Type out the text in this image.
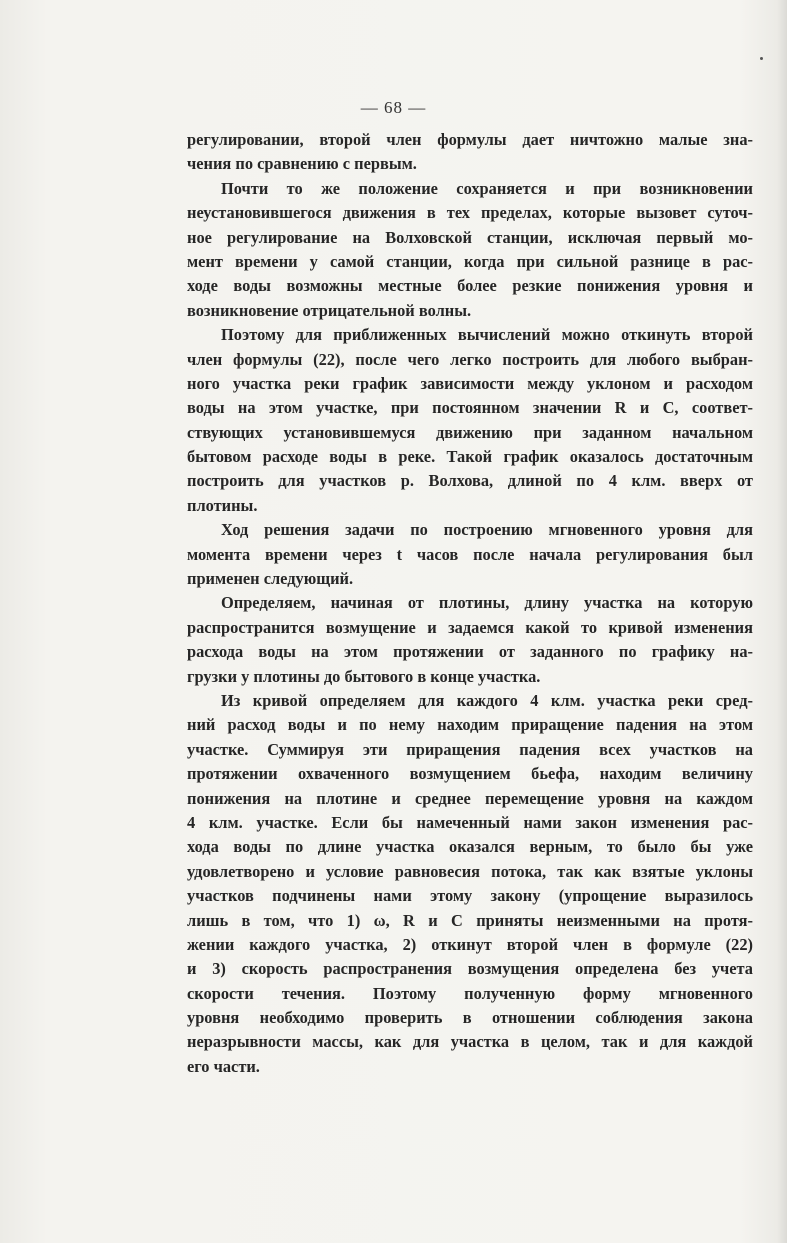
— 68 —
регулировании, второй член формулы дает ничтожно малые зна-
чения по сравнению с первым.
Почти то же положение сохраняется и при возникновении
неустановившегося движения в тех пределах, которые вызовет суточ-
ное регулирование на Волховской станции, исключая первый мо-
мент времени у самой станции, когда при сильной разнице в рас-
ходе воды возможны местные более резкие понижения уровня и
возникновение отрицательной волны.
Поэтому для приближенных вычислений можно откинуть второй
член формулы (22), после чего легко построить для любого выбран-
ного участка реки график зависимости между уклоном и расходом
воды на этом участке, при постоянном значении R и C, соответ-
ствующих установившемуся движению при заданном начальном
бытовом расходе воды в реке. Такой график оказалось достаточным
построить для участков р. Волхова, длиной по 4 клм. вверх от
плотины.
Ход решения задачи по построению мгновенного уровня для
момента времени через t часов после начала регулирования был
применен следующий.
Определяем, начиная от плотины, длину участка на которую
распространится возмущение и задаемся какой то кривой изменения
расхода воды на этом протяжении от заданного по графику на-
грузки у плотины до бытового в конце участка.
Из кривой определяем для каждого 4 клм. участка реки сред-
ний расход воды и по нему находим приращение падения на этом
участке. Суммируя эти приращения падения всех участков на
протяжении охваченного возмущением бьефа, находим величину
понижения на плотине и среднее перемещение уровня на каждом
4 клм. участке. Если бы намеченный нами закон изменения рас-
хода воды по длине участка оказался верным, то было бы уже
удовлетворено и условие равновесия потока, так как взятые уклоны
участков подчинены нами этому закону (упрощение выразилось
лишь в том, что 1) ω, R и C приняты неизменными на протя-
жении каждого участка, 2) откинут второй член в формуле (22)
и 3) скорость распространения возмущения определена без учета
скорости течения. Поэтому полученную форму мгновенного
уровня необходимо проверить в отношении соблюдения закона
неразрывности массы, как для участка в целом, так и для каждой
его части.
